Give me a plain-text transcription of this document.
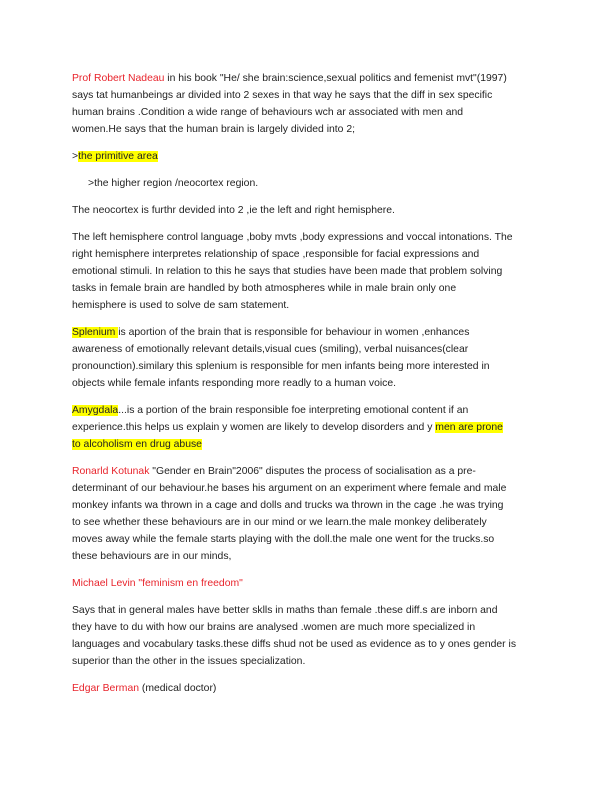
Prof Robert Nadeau in his book "He/ she brain:science,sexual politics and femenist mvt"(1997)
says tat humanbeings ar divided into 2 sexes in that way he says that the diff in sex specific
human brains .Condition a wide range of behaviours wch ar associated with men and
women.He says that the human brain is largely divided into 2;
>the primitive area
>the higher region /neocortex region.
The neocortex is furthr devided into 2 ,ie the left and right hemisphere.
The left hemisphere control language ,boby mvts ,body expressions and voccal intonations. The
right hemisphere interpretes relationship of space ,responsible for facial expressions and
emotional stimuli. In relation to this he says that studies have been made that problem solving
tasks in female brain are handled by both atmospheres while in male brain only one
hemisphere is used to solve de sam statement.
Splenium is aportion of the brain that is responsible for behaviour in women ,enhances
awareness of emotionally relevant details,visual cues (smiling), verbal nuisances(clear
pronounction).similary this splenium is responsible for men infants being more interested in
objects while female infants responding more readly to a human voice.
Amygdala...is a portion of the brain responsible foe interpreting emotional content if an
experience.this helps us explain y women are likely to develop disorders and y men are prone
to alcoholism en drug abuse
Ronarld Kotunak "Gender en Brain"2006" disputes the process of socialisation as a pre-
determinant of our behaviour.he bases his argument on an experiment where female and male
monkey infants wa thrown in a cage and dolls and trucks wa thrown in the cage .he was trying
to see whether these behaviours are in our mind or we learn.the male monkey deliberately
moves away while the female starts playing with the doll.the male one went for the trucks.so
these behaviours are in our minds,
Michael Levin "feminism en freedom"
Says that in general males have better sklls in maths than female .these diff.s are inborn and
they have to du with how our brains are analysed .women are much more specialized in
languages and vocabulary tasks.these diffs shud not be used as evidence as to y ones gender is
superior than the other in the issues specialization.
Edgar Berman (medical doctor)
